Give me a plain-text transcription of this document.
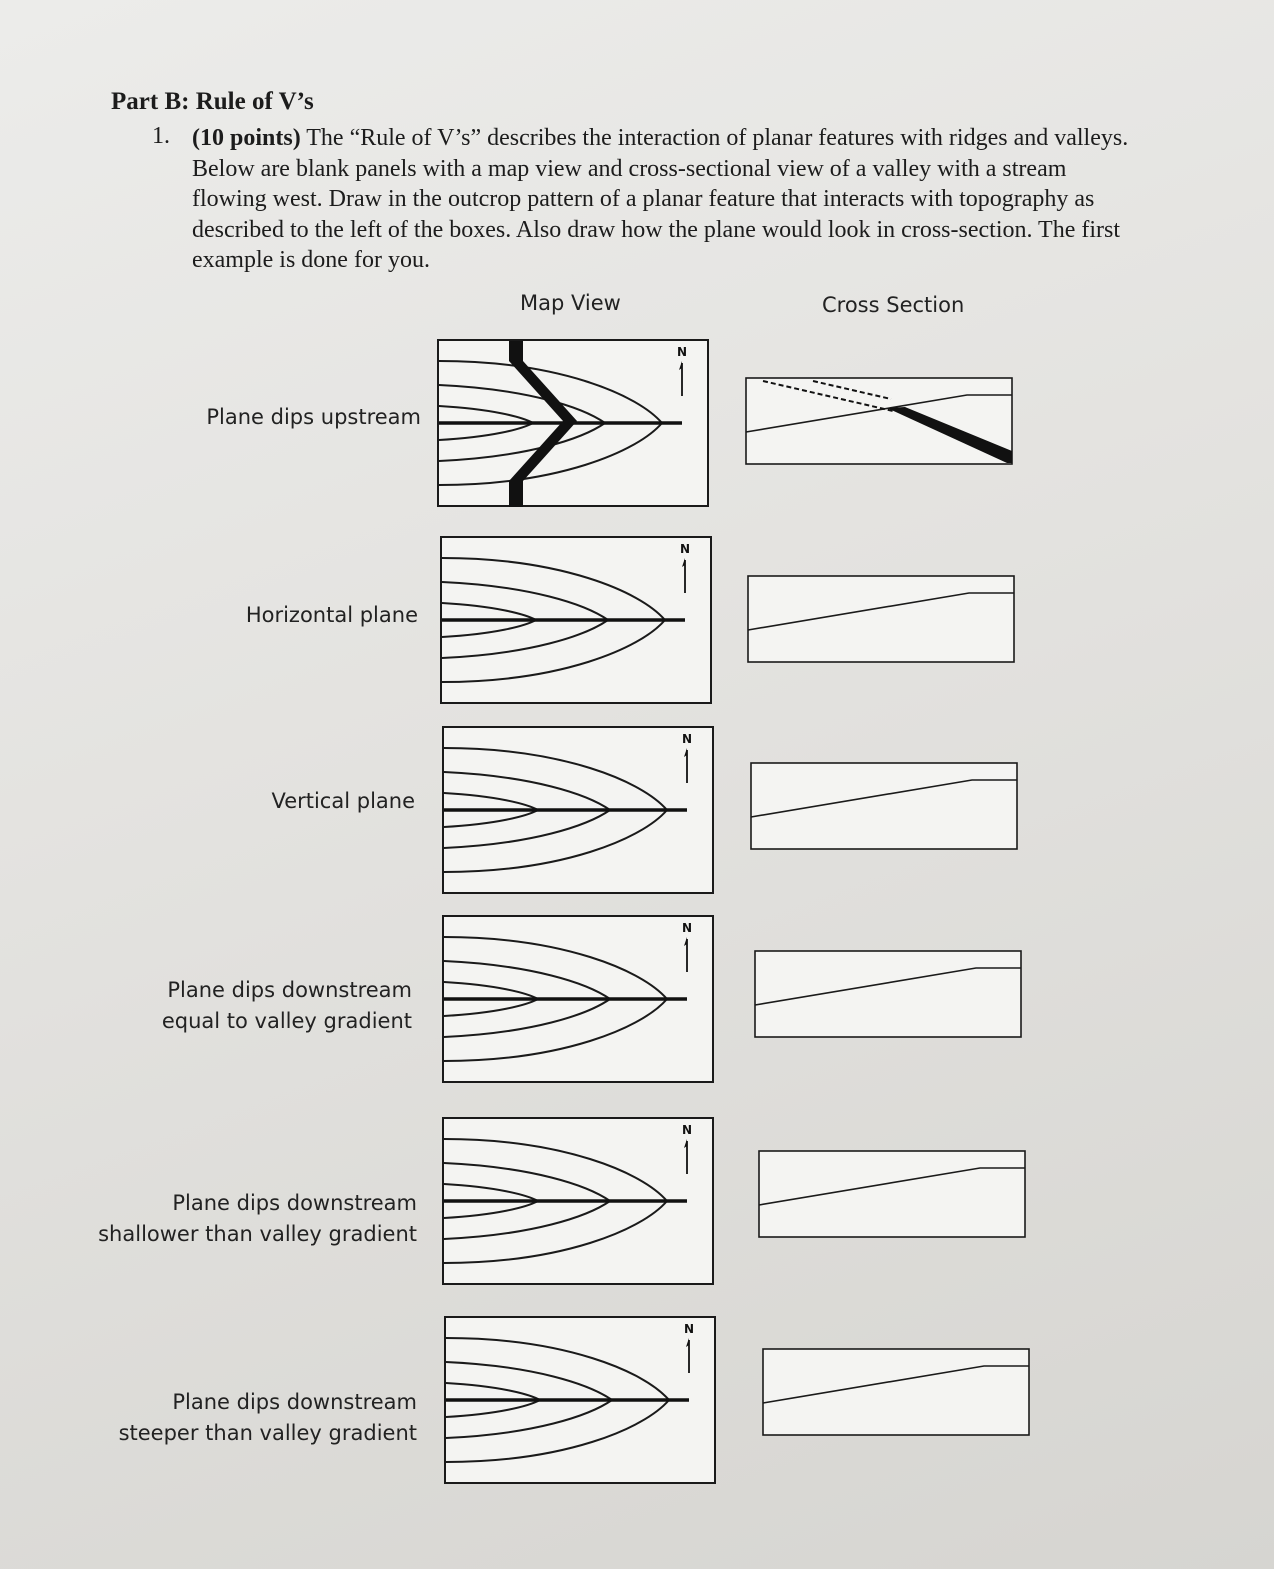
Part B: Rule of V’s
1. (10 points) The “Rule of V’s” describes the interaction of planar features with ridges and valleys. Below are blank panels with a map view and cross-sectional view of a valley with a stream flowing west. Draw in the outcrop pattern of a planar feature that interacts with topography as described to the left of the boxes. Also draw how the plane would look in cross-section. The first example is done for you.

Map View	Cross Section
Plane dips upstream
N
Horizontal plane
N
Vertical plane
N
Plane dips downstream
equal to valley gradient
N
Plane dips downstream
shallower than valley gradient
N
Plane dips downstream
steeper than valley gradient
N
